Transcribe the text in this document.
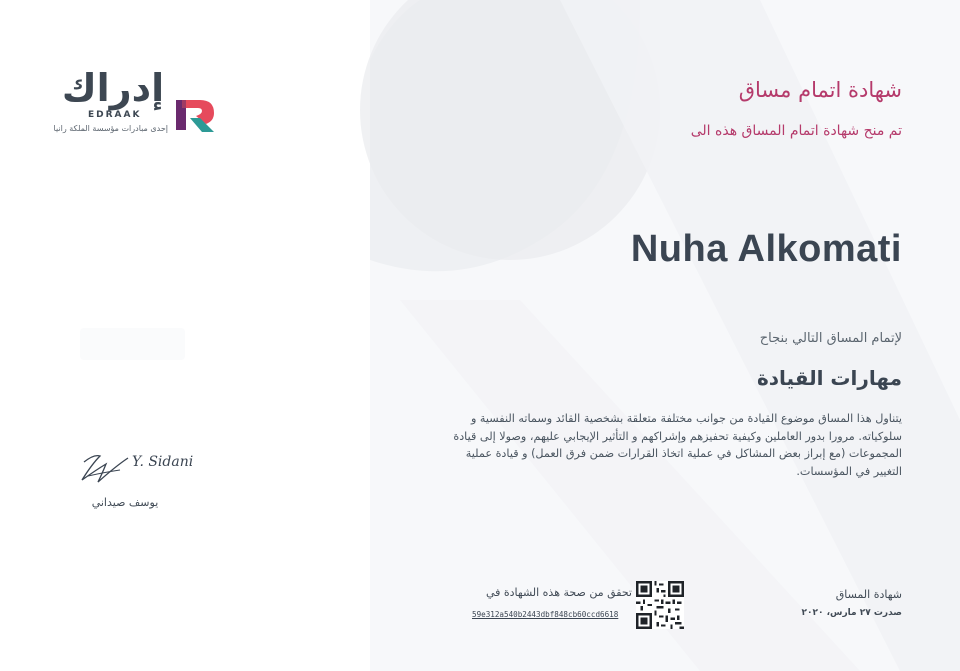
إدراك
EDRAAK
إحدى مبادرات مؤسسة الملكة رانيا
شهادة اتمام مساق
تم منح شهادة اتمام المساق هذه الى
Nuha Alkomati
لإتمام المساق التالي بنجاح
مهارات القيادة
يتناول هذا المساق موضوع القيادة من جوانب مختلفة متعلقة بشخصية القائد وسماته النفسية و سلوكياته. مرورا بدور العاملين وكيفية تحفيزهم وإشراكهم و التأثير الإيجابي عليهم، وصولا إلى قيادة المجموعات (مع إبراز بعض المشاكل في عملية اتخاذ القرارات ضمن فرق العمل) و قيادة عملية التغيير في المؤسسات.
Y. Sidani
يوسف صيداني
تحقق من صحة هذه الشهادة في
59e312a540b2443dbf848cb60ccd6618
شهادة المساق
صدرت ٢٧ مارس، ٢٠٢٠
